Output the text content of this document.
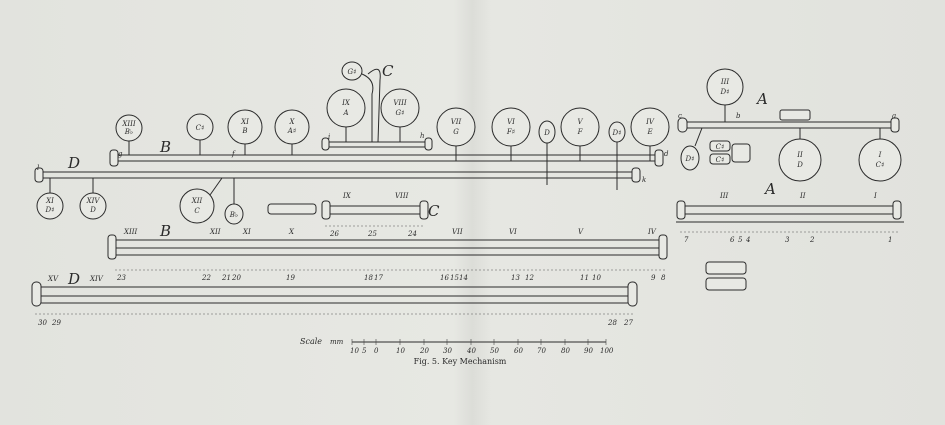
XIII
B♭	C♯
XI
B
X
A♯
IX
A
VIII
G♯
G♯
VII
G
VI
F♯	D
V
F	D♯
IV
E
III
D♯
II
D
I
C♯
XII
C	B♭
XI
D♯
XIV
D
D♯
C♯
C♯
B
D
C
A
g
l
f
i	h
d
k
c	b	a
C
IX	VIII
26	25	24
A
III	II	I
7	6 5 4	3	2	1
B
XIII	XII	XI	X	VII	VI	V	IV
23	22 21 20	19	18 17	16 15 14	13 12	11 10	9 8
D
XV	XIV
30 29	28 27
Scale mm
10 5 0	10 20 30 40 50 60 70 80 90 100
Fig. 5. Key Mechanism
